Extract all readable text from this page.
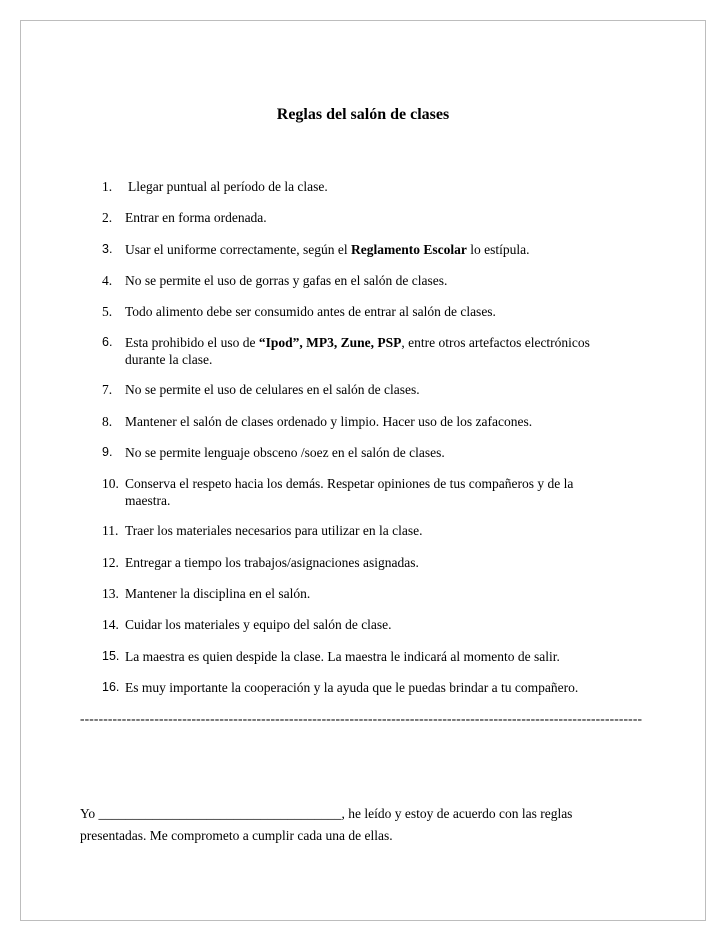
Reglas del salón de clases
1. Llegar puntual al período de la clase.
2. Entrar en forma ordenada.
3. Usar el uniforme correctamente, según el Reglamento Escolar lo estípula.
4. No se permite el uso de gorras y gafas en el salón de clases.
5. Todo alimento debe ser consumido antes de entrar al salón de clases.
6. Esta prohibido el uso de “Ipod”, MP3, Zune, PSP, entre otros artefactos electrónicos durante la clase.
7. No se permite el uso de celulares en el salón de clases.
8. Mantener el salón de clases ordenado y limpio. Hacer uso de los zafacones.
9. No se permite lenguaje obsceno /soez en el salón de clases.
10. Conserva el respeto hacia los demás. Respetar opiniones de tus compañeros y de la maestra.
11. Traer los materiales necesarios para utilizar en la clase.
12. Entregar a tiempo los trabajos/asignaciones asignadas.
13. Mantener la disciplina en el salón.
14. Cuidar los materiales y equipo del salón de clase.
15. La maestra es quien despide la clase. La maestra le indicará al momento de salir.
16. Es muy importante la cooperación y la ayuda que le puedas brindar a tu compañero.
-------------------------------------------------------------------------------------------------------------------------
Yo ____________________________________, he leído y estoy de acuerdo con las reglas
presentadas. Me comprometo a cumplir cada una de ellas.
